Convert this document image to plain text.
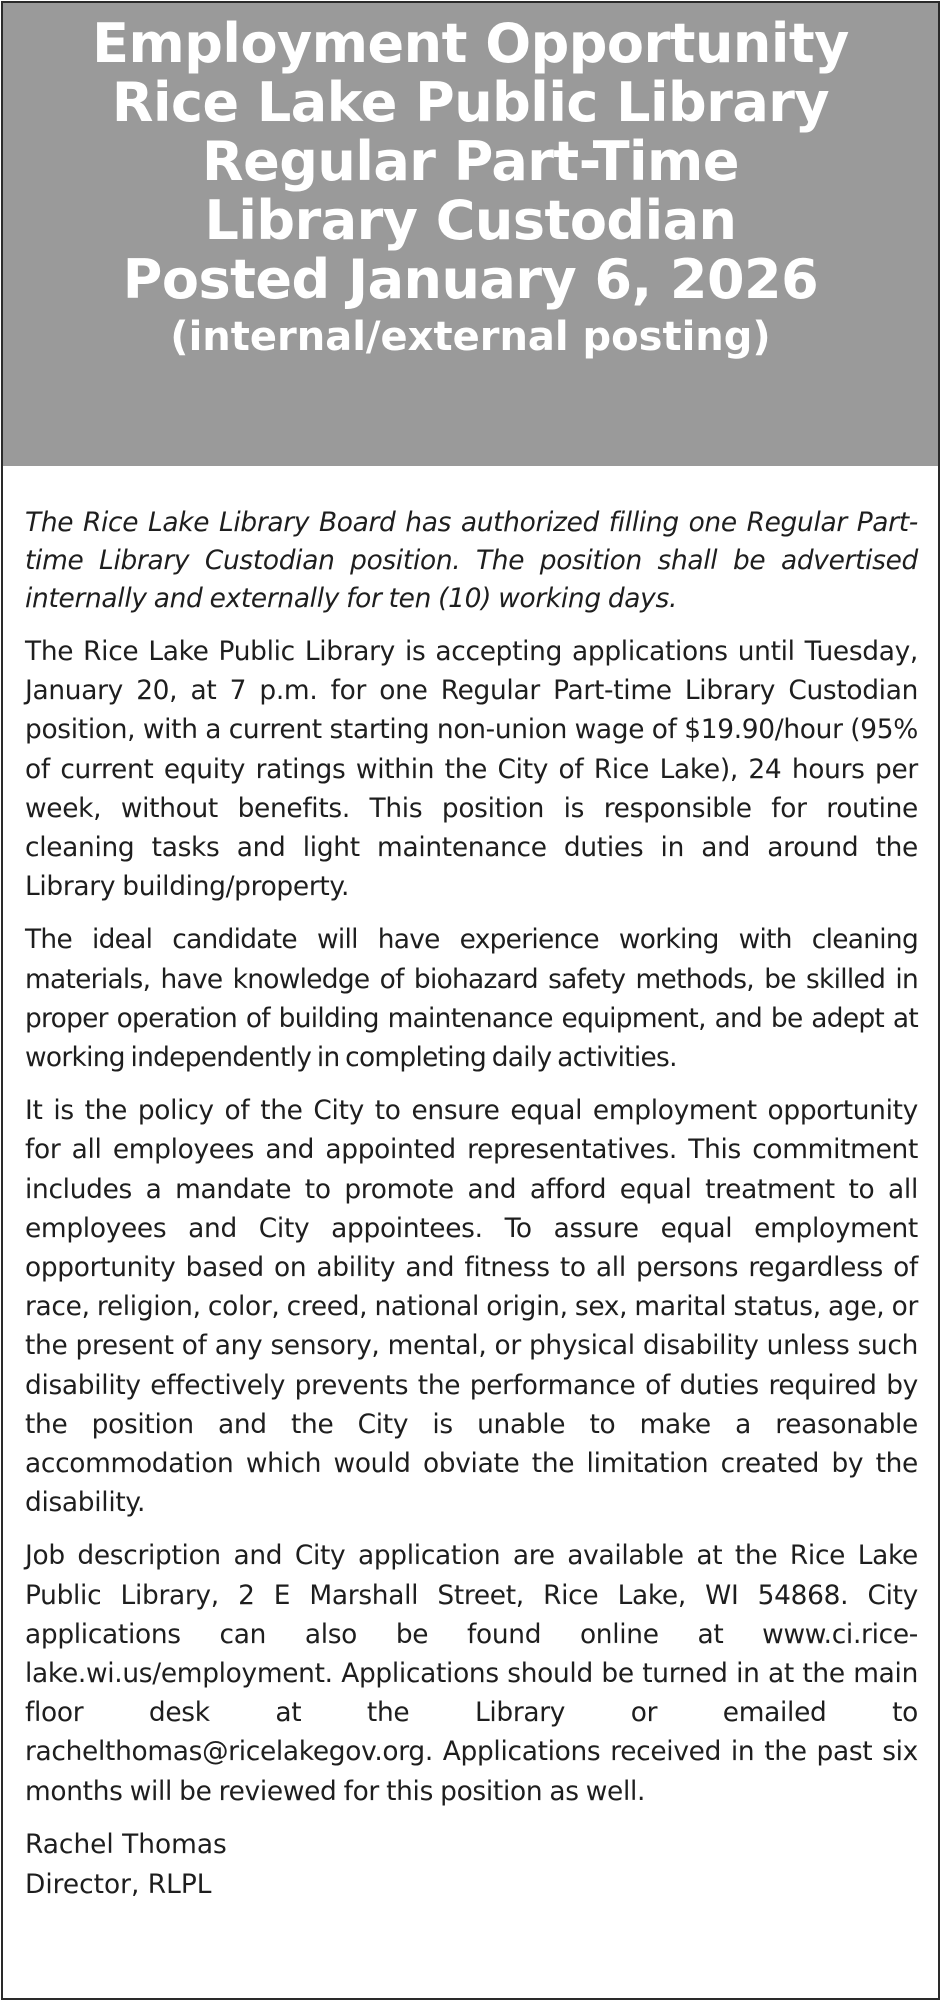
Employment Opportunity
Rice Lake Public Library
Regular Part-Time
Library Custodian
Posted January 6, 2026
(internal/external posting)

The Rice Lake Library Board has authorized filling one Regular Part-time Library Custodian position. The position shall be advertised internally and externally for ten (10) working days.

The Rice Lake Public Library is accepting applications until Tuesday, January 20, at 7 p.m. for one Regular Part-time Library Custodian position, with a current starting non-union wage of $19.90/hour (95% of current equity ratings within the City of Rice Lake), 24 hours per week, without benefits. This position is responsible for routine cleaning tasks and light maintenance duties in and around the Library building/property.

The ideal candidate will have experience working with cleaning materials, have knowledge of biohazard safety methods, be skilled in proper operation of building maintenance equipment, and be adept at working independently in completing daily activities.

It is the policy of the City to ensure equal employment opportunity for all employees and appointed representatives. This commitment includes a mandate to promote and afford equal treatment to all employees and City appointees. To assure equal employment opportunity based on ability and fitness to all persons regardless of race, religion, color, creed, national origin, sex, marital status, age, or the present of any sensory, mental, or physical disability unless such disability effectively prevents the performance of duties required by the position and the City is unable to make a reasonable accommodation which would obviate the limitation created by the disability.

Job description and City application are available at the Rice Lake Public Library, 2 E Marshall Street, Rice Lake, WI 54868. City applications can also be found online at www.ci.rice-lake.wi.us/employment. Applications should be turned in at the main floor desk at the Library or emailed to rachelthomas@ricelakegov.org. Applications received in the past six months will be reviewed for this position as well.

Rachel Thomas
Director, RLPL
